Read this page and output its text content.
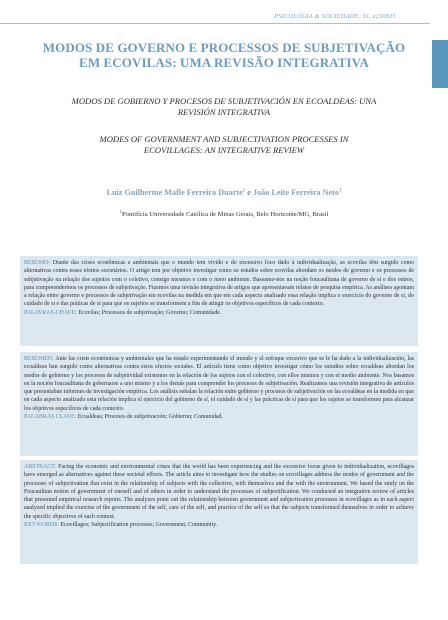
PSICOLOGIA & SOCIEDADE, 33, e230825
MODOS DE GOVERNO E PROCESSOS DE SUBJETIVAÇÃO EM ECOVILAS: UMA REVISÃO INTEGRATIVA
MODOS DE GOBIERNO Y PROCESOS DE SUBJETIVACIÓN EN ECOALDEAS: UNA REVISIÓN INTEGRATIVA
MODES OF GOVERNMENT AND SUBJECTIVATION PROCESSES IN ECOVILLAGES: AN INTEGRATIVE REVIEW
Luiz Guilherme Mafle Ferreira Duarte$^1$ e João Leite Ferreira Neto$^1$
$^1$Pontifícia Universidade Católica de Minas Gerais, Belo Horizonte/MG, Brasil
RESUMO: Diante das crises econômicas e ambientais que o mundo tem vivido e do excessivo foco dado à individualização, as ecovilas têm surgido como alternativas contra esses efeitos societários. O artigo tem por objetivo investigar como os estudos sobre ecovilas abordam os modos de governo e os processos de subjetivação na relação dos sujeitos com o coletivo, consigo mesmos e com o meio ambiente. Baseamo-nos na noção foucaultiana de governo de si e dos outros, para compreendermos os processos de subjetivação. Fizemos uma revisão integrativa de artigos que apresentavam relatos de pesquisa empírica. As análises apontam a relação entre governo e processos de subjetivação em ecovilas na medida em que em cada aspecto analisado essa relação implica o exercício do governo de si, do cuidado de si e das práticas de si para que os sujeitos se transformem a fim de atingir os objetivos específicos de cada contexto.
PALAVRAS-CHAVE: Ecovilas; Processos de subjetivação; Governo; Comunidade.
RESUMEN: Ante las crisis económicas y ambientales que ha estado experimentando el mundo y el enfoque excesivo que se le ha dado a la individualización, las ecoaldeas han surgido como alternativas contra estos efectos sociales. El artículo tiene como objetivo investigar cómo los estudios sobre ecoaldeas abordan los modos de gobierno y los procesos de subjetividad existentes en la relación de los sujetos con el colectivo, con ellos mismos y con el medio ambiente. Nos basamos en la noción foucaultiana de gobernarse a uno mismo y a los demás para comprender los procesos de subjetivación. Realizamos una revisión integrativa de artículos que presentaban informes de investigación empírica. Los análisis señalan la relación entre gobierno y procesos de subjetivación en las ecoaldeas en la medida en que en cada aspecto analizado esta relación implica el ejercicio del gobierno de sí, el cuidado de sí y las prácticas de sí para que los sujetos se transformen para alcanzar los objetivos específicos de cada contexto.
PALABRAS CLAVE: Ecoaldeas; Procesos de subjetivación; Gobierno; Comunidad.
ABSTRACT: Facing the economic and environmental crises that the world has been experiencing and the excessive focus given to individualization, ecovillages have emerged as alternatives against these societal effects. The article aims to investigate how the studies on ecovillages address the modes of government and the processes of subjectivation that exist in the relationship of subjects with the collective, with themselves and the with the environment. We based the study on the Foucaultian notion of government of oneself and of others in order to understand the processes of subjectification. We conducted an integrative review of articles that presented empirical research reports. The analyzes point out the relationship between government and subjectivation processes in ecovillages as in each aspect analyzed implied the exercise of the government of the self, care of the self, and practice of the self so that the subjects transformed themselves in order to achieve the specific objectives of each context.
KEYWORDS: Ecovillages; Subjectification processes; Government; Community.
